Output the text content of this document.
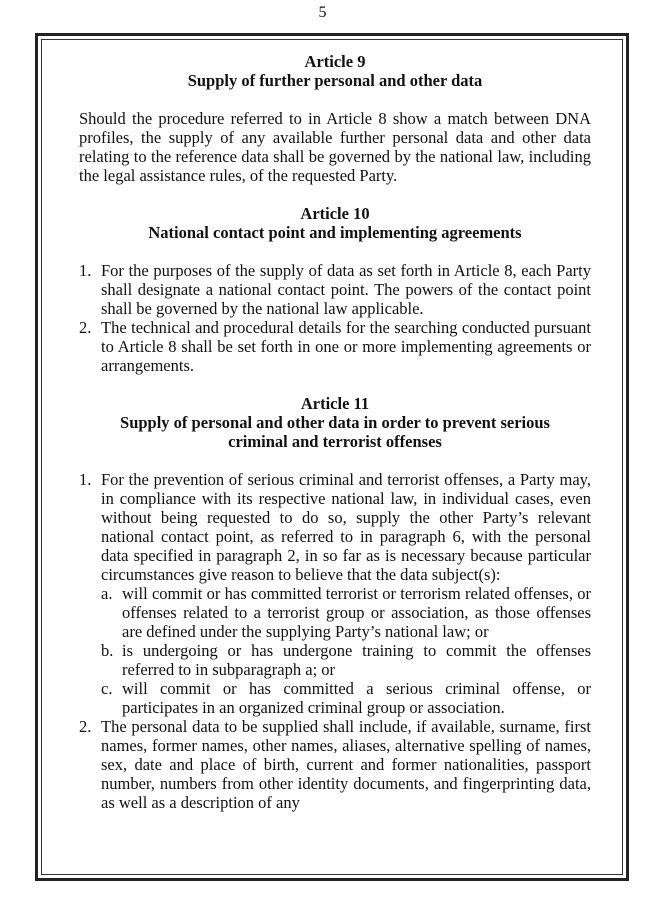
5
Article 9
Supply of further personal and other data

Should the procedure referred to in Article 8 show a match between DNA profiles, the supply of any available further personal data and other data relating to the reference data shall be governed by the national law, including the legal assistance rules, of the requested Party.

Article 10
National contact point and implementing agreements
1. For the purposes of the supply of data as set forth in Article 8, each Party shall designate a national contact point. The powers of the contact point shall be governed by the national law applicable.
2. The technical and procedural details for the searching conducted pursuant to Article 8 shall be set forth in one or more implementing agreements or arrangements.
Article 11
Supply of personal and other data in order to prevent serious
criminal and terrorist offenses
1. For the prevention of serious criminal and terrorist offenses, a Party may, in compliance with its respective national law, in individual cases, even without being requested to do so, supply the other Party’s relevant national contact point, as referred to in paragraph 6, with the personal data specified in paragraph 2, in so far as is necessary because particular circumstances give reason to believe that the data subject(s):
a. will commit or has committed terrorist or terrorism related offenses, or offenses related to a terrorist group or association, as those offenses are defined under the supplying Party’s national law; or
b. is undergoing or has undergone training to commit the offenses referred to in subparagraph a; or
c. will commit or has committed a serious criminal offense, or participates in an organized criminal group or association.
2. The personal data to be supplied shall include, if available, surname, first names, former names, other names, aliases, alternative spelling of names, sex, date and place of birth, current and former nationalities, passport number, numbers from other identity documents, and fingerprinting data, as well as a description of any
